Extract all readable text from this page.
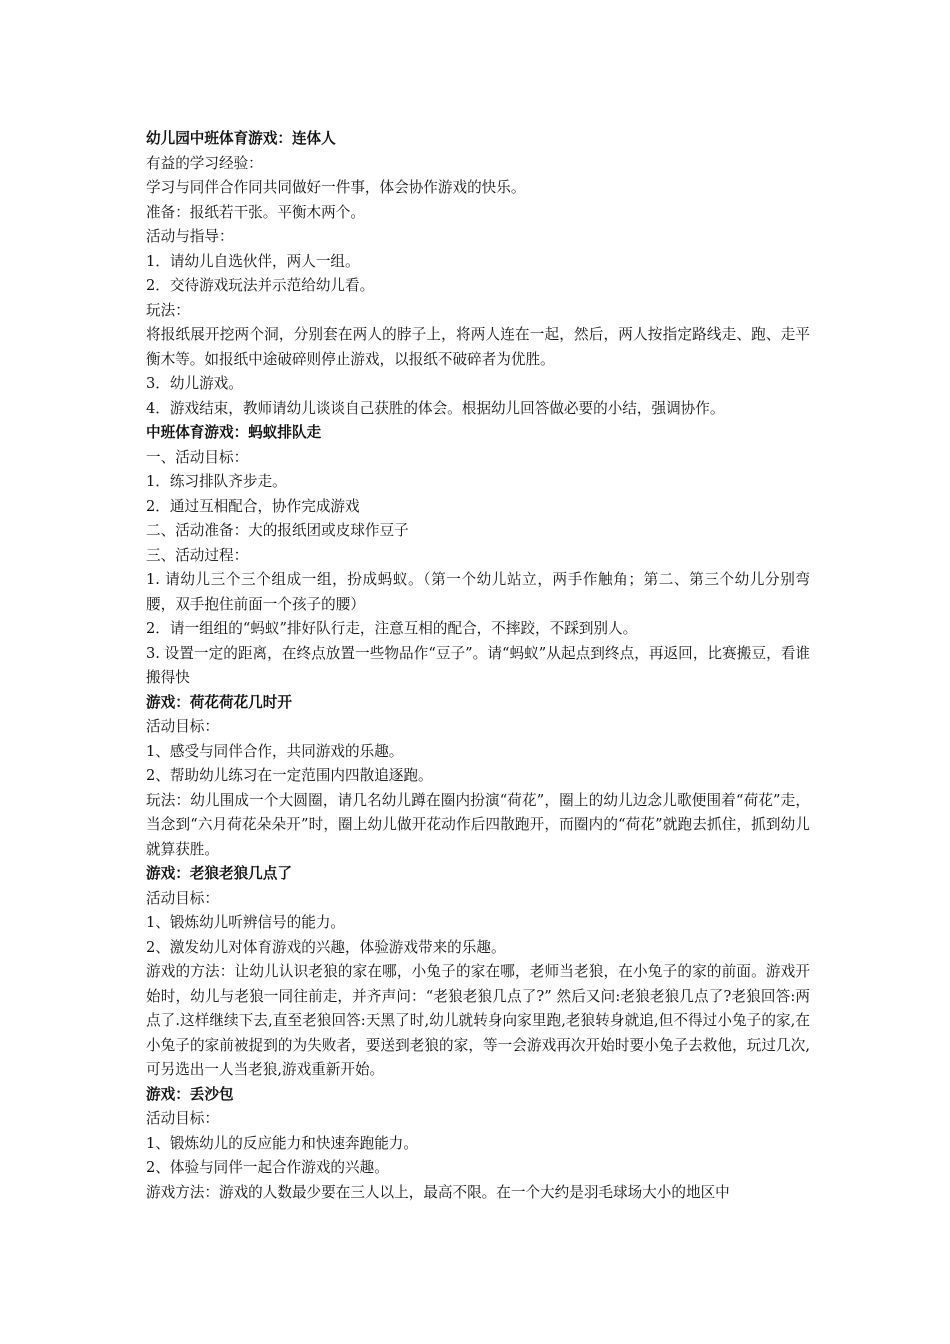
幼儿园中班体育游戏：连体人
有益的学习经验：
学习与同伴合作同共同做好一件事，体会协作游戏的快乐。
准备：报纸若干张。平衡木两个。
活动与指导：
1．请幼儿自选伙伴，两人一组。
2．交待游戏玩法并示范给幼儿看。
玩法：
将报纸展开挖两个洞，分别套在两人的脖子上，将两人连在一起，然后，两人按指定路线走、跑、走平衡木等。如报纸中途破碎则停止游戏，以报纸不破碎者为优胜。
3．幼儿游戏。
4．游戏结束，教师请幼儿谈谈自己获胜的体会。根据幼儿回答做必要的小结，强调协作。
中班体育游戏：蚂蚁排队走
一、活动目标：
1．练习排队齐步走。
2．通过互相配合，协作完成游戏
二、活动准备：大的报纸团或皮球作豆子
三、活动过程：
1. 请幼儿三个三个组成一组，扮成蚂蚁。（第一个幼儿站立，两手作触角；第二、第三个幼儿分别弯腰，双手抱住前面一个孩子的腰）
2．请一组组的“蚂蚁”排好队行走，注意互相的配合，不摔跤，不踩到别人。
3. 设置一定的距离，在终点放置一些物品作“豆子”。请“蚂蚁”从起点到终点，再返回，比赛搬豆，看谁搬得快
游戏：荷花荷花几时开
活动目标：
1、感受与同伴合作，共同游戏的乐趣。
2、帮助幼儿练习在一定范围内四散追逐跑。
玩法：幼儿围成一个大圆圈，请几名幼儿蹲在圈内扮演“荷花”，圈上的幼儿边念儿歌便围着“荷花”走，当念到“六月荷花朵朵开”时，圈上幼儿做开花动作后四散跑开，而圈内的“荷花”就跑去抓住，抓到幼儿就算获胜。
游戏：老狼老狼几点了
活动目标：
1、锻炼幼儿听辨信号的能力。
2、激发幼儿对体育游戏的兴趣，体验游戏带来的乐趣。
游戏的方法：让幼儿认识老狼的家在哪，小兔子的家在哪，老师当老狼，在小兔子的家的前面。游戏开始时，幼儿与老狼一同往前走，并齐声问：“老狼老狼几点了?” 然后又问:老狼老狼几点了?老狼回答:两点了.这样继续下去,直至老狼回答:天黑了时,幼儿就转身向家里跑,老狼转身就追,但不得过小兔子的家,在小兔子的家前被捉到的为失败者，要送到老狼的家，等一会游戏再次开始时要小兔子去救他，玩过几次,可另选出一人当老狼,游戏重新开始。
游戏：丢沙包
活动目标：
1、锻炼幼儿的反应能力和快速奔跑能力。
2、体验与同伴一起合作游戏的兴趣。
游戏方法：游戏的人数最少要在三人以上，最高不限。在一个大约是羽毛球场大小的地区中
